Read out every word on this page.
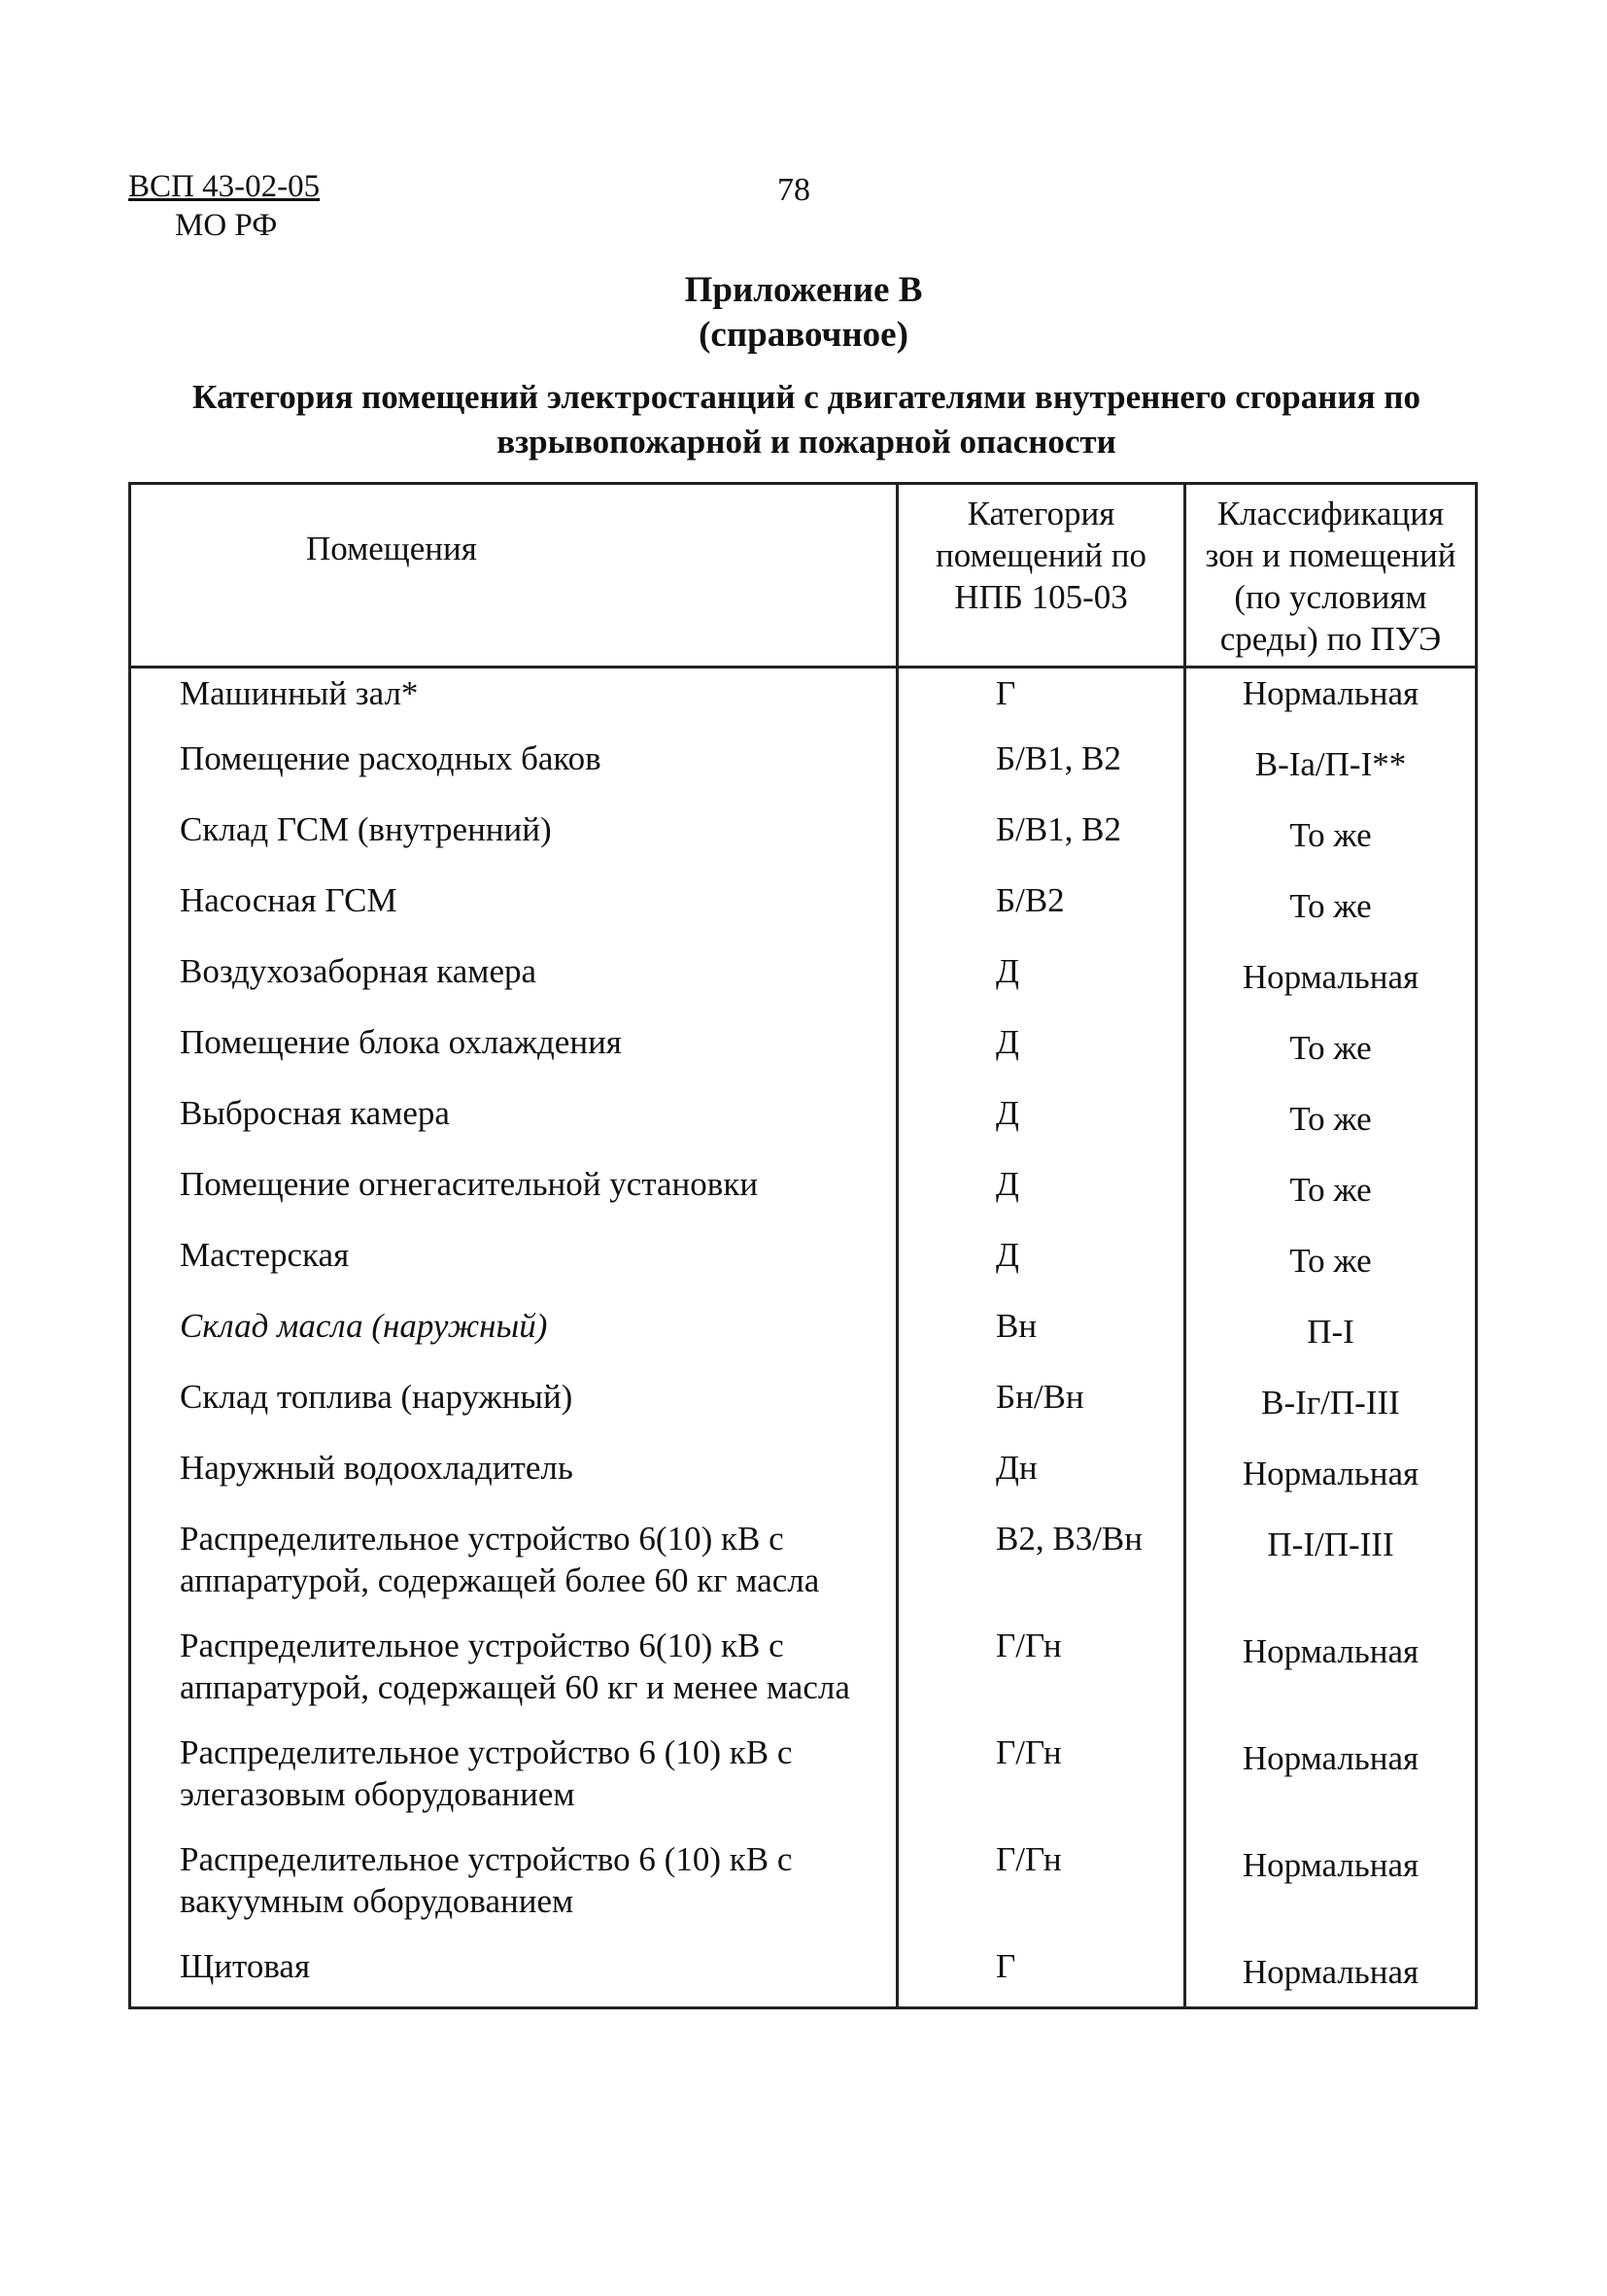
ВСП 43-02-05
МО РФ
78
Приложение В
(справочное)
Категория помещений электростанций с двигателями внутреннего сгорания по взрывопожарной и пожарной опасности
Помещения	Категория помещений по НПБ 105-03	Классификация зон и помещений (по условиям среды) по ПУЭ
Машинный зал*	Г	Нормальная
Помещение расходных баков	Б/В1, В2	В-Iа/П-I**
Склад ГСМ (внутренний)	Б/В1, В2	То же
Насосная ГСМ	Б/В2	То же
Воздухозаборная камера	Д	Нормальная
Помещение блока охлаждения	Д	То же
Выбросная камера	Д	То же
Помещение огнегасительной установки	Д	То же
Мастерская	Д	То же
Склад масла (наружный)	Вн	П-I
Склад топлива (наружный)	Бн/Вн	В-Iг/П-III
Наружный водоохладитель	Дн	Нормальная
Распределительное устройство 6(10) кВ с аппаратурой, содержащей более 60 кг масла	В2, В3/Вн	П-I/П-III
Распределительное устройство 6(10) кВ с аппаратурой, содержащей 60 кг и менее масла	Г/Гн	Нормальная
Распределительное устройство 6 (10) кВ с элегазовым оборудованием	Г/Гн	Нормальная
Распределительное устройство 6 (10) кВ с вакуумным оборудованием	Г/Гн	Нормальная
Щитовая	Г	Нормальная
